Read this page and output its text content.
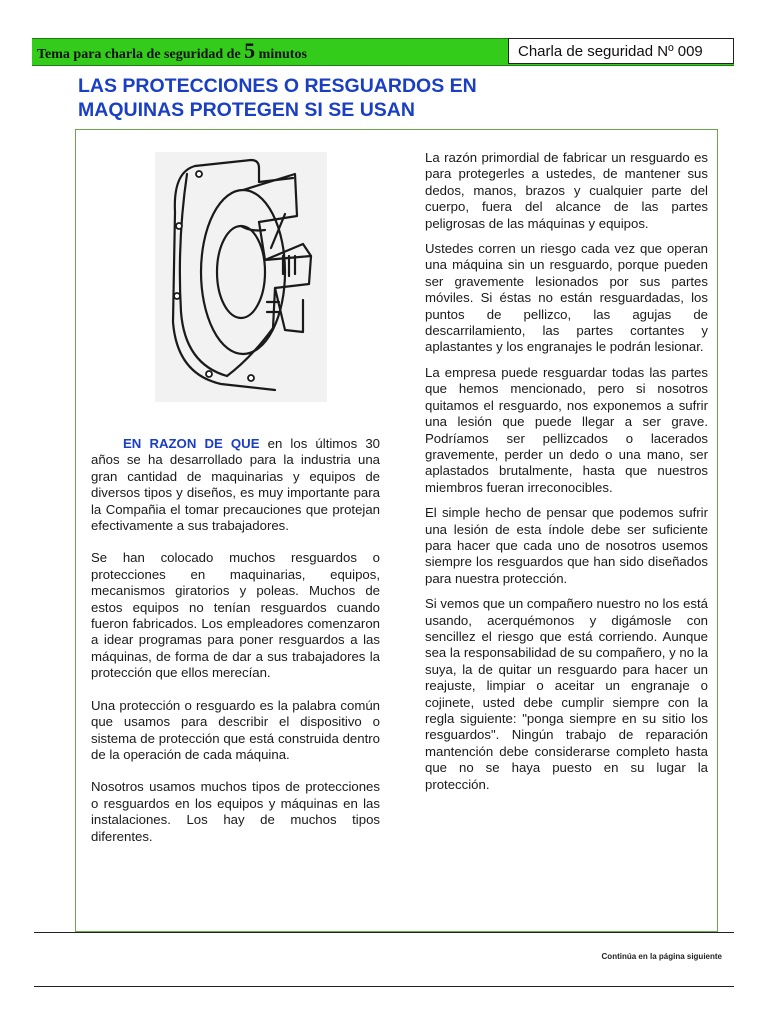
Tema para charla de seguridad de 5 minutos	Charla de seguridad Nº 009
LAS PROTECCIONES O RESGUARDOS EN
MAQUINAS PROTEGEN SI SE USAN

EN RAZON DE QUE en los últimos 30 años se ha desarrollado para la industria una gran cantidad de maquinarias y equipos de diversos tipos y diseños, es muy importante para la Compañia el tomar precauciones que protejan efectivamente a sus trabajadores.

Se han colocado muchos resguardos o protecciones en maquinarias, equipos, mecanismos giratorios y poleas. Muchos de estos equipos no tenían resguardos cuando fueron fabricados. Los empleadores comenzaron a idear programas para poner resguardos a las máquinas, de forma de dar a sus trabajadores la protección que ellos merecían.

Una protección o resguardo es la palabra común que usamos para describir el dispositivo o sistema de protección que está construida dentro de la operación de cada máquina.

Nosotros usamos muchos tipos de protecciones o resguardos en los equipos y máquinas en las instalaciones. Los hay de muchos tipos diferentes.

La razón primordial de fabricar un resguardo es para protegerles a ustedes, de mantener sus dedos, manos, brazos y cualquier parte del cuerpo, fuera del alcance de las partes peligrosas de las máquinas y equipos.

Ustedes corren un riesgo cada vez que operan una máquina sin un resguardo, porque pueden ser gravemente lesionados por sus partes móviles. Si éstas no están resguardadas, los puntos de pellizco, las agujas de descarrilamiento, las partes cortantes y aplastantes y los engranajes le podrán lesionar.

La empresa puede resguardar todas las partes que hemos mencionado, pero si nosotros quitamos el resguardo, nos exponemos a sufrir una lesión que puede llegar a ser grave. Podríamos ser pellizcados o lacerados gravemente, perder un dedo o una mano, ser aplastados brutalmente, hasta que nuestros miembros fueran irreconocibles.

El simple hecho de pensar que podemos sufrir una lesión de esta índole debe ser suficiente para hacer que cada uno de nosotros usemos siempre los resguardos que han sido diseñados para nuestra protección.

Si vemos que un compañero nuestro no los está usando, acerquémonos y digámosle con sencillez el riesgo que está corriendo. Aunque sea la responsabilidad de su compañero, y no la suya, la de quitar un resguardo para hacer un reajuste, limpiar o aceitar un engranaje o cojinete, usted debe cumplir siempre con la regla siguiente: "ponga siempre en su sitio los resguardos". Ningún trabajo de reparación mantención debe considerarse completo hasta que no se haya puesto en su lugar la protección.

Continúa en la página siguiente
